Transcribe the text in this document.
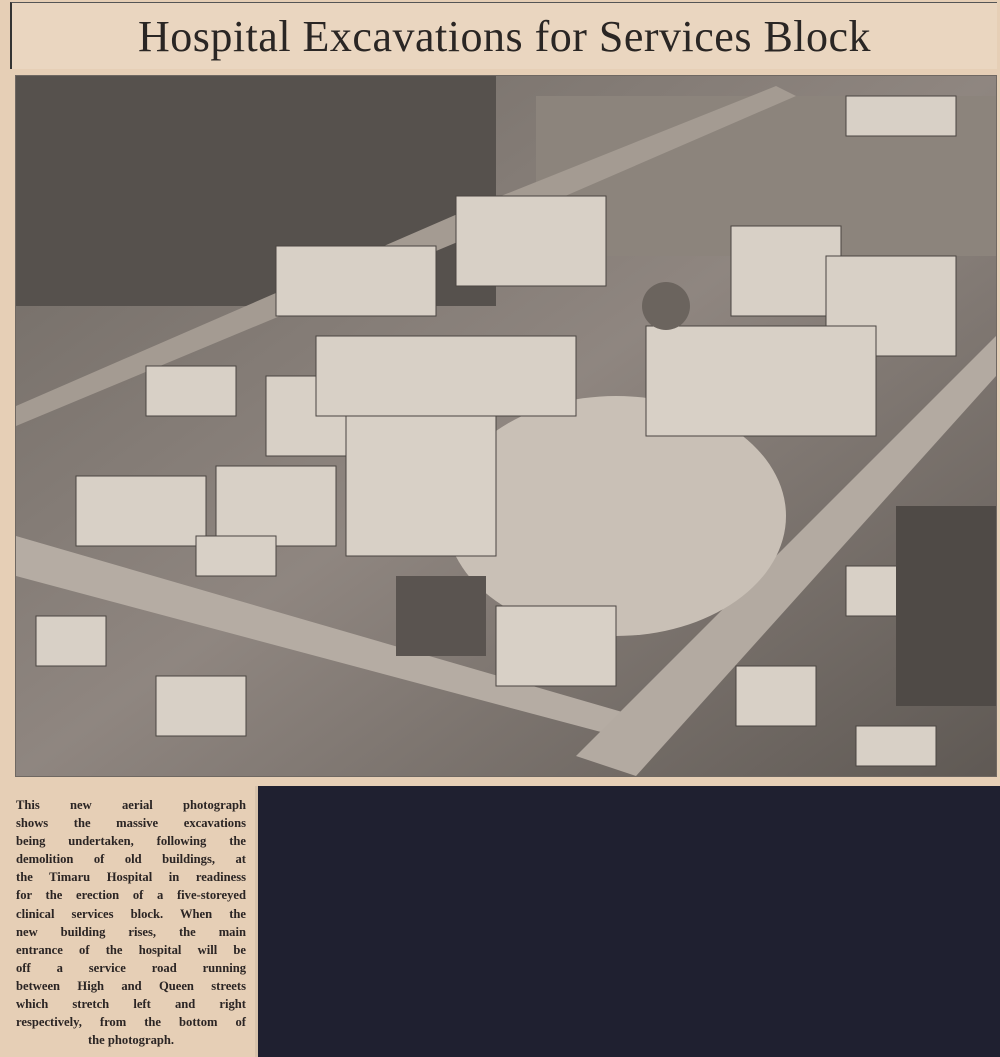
Hospital Excavations for Services Block
This new aerial photograph
shows the massive excavations
being undertaken, following the
demolition of old buildings, at
the Timaru Hospital in readiness
for the erection of a five-storeyed
clinical services block. When the
new building rises, the main
entrance of the hospital will be
off a service road running
between High and Queen streets
which stretch left and right
respectively, from the bottom of
the photograph.
